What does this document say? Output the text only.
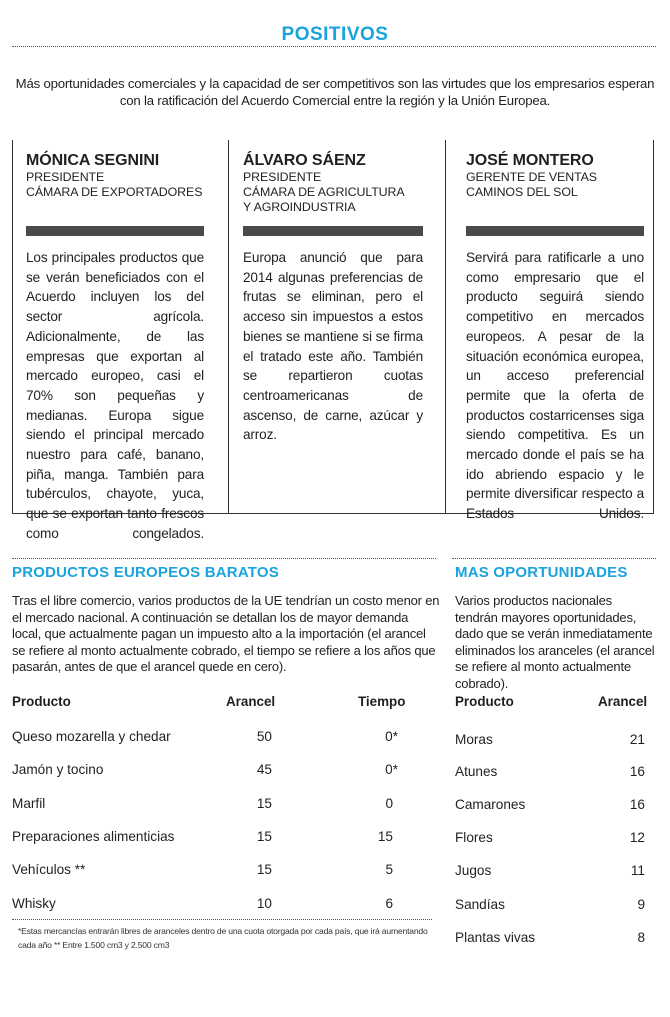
POSITIVOS

Más oportunidades comerciales y la capacidad de ser competitivos son las virtudes que los empresarios esperan con la ratificación del Acuerdo Comercial entre la región y la Unión Europea.

MÓNICA SEGNINI
PRESIDENTE
CÁMARA DE EXPORTADORES

Los principales productos que se verán beneficiados con el Acuerdo incluyen los del sector agrícola. Adicionalmente, de las empresas que exportan al mercado europeo, casi el 70% son pequeñas y medianas. Europa sigue siendo el principal mercado nuestro para café, banano, piña, manga. También para tubérculos, chayote, yuca, que se exportan tanto frescos como congelados.

ÁLVARO SÁENZ
PRESIDENTE
CÁMARA DE AGRICULTURA
Y AGROINDUSTRIA

Europa anunció que para 2014 algunas preferencias de frutas se eliminan, pero el acceso sin impuestos a estos bienes se mantiene si se firma el tratado este año. También se repartieron cuotas centroamericanas de ascenso, de carne, azúcar y arroz.

JOSÉ MONTERO
GERENTE DE VENTAS
CAMINOS DEL SOL

Servirá para ratificarle a uno como empresario que el producto seguirá siendo competitivo en mercados europeos. A pesar de la situación económica europea, un acceso preferencial permite que la oferta de productos costarricenses siga siendo competitiva. Es un mercado donde el país se ha ido abriendo espacio y le permite diversificar respecto a Estados Unidos.

PRODUCTOS EUROPEOS BARATOS

Tras el libre comercio, varios productos de la UE tendrían un costo menor en el mercado nacional. A continuación se detallan los de mayor demanda local, que actualmente pagan un impuesto alto a la importación (el arancel se refiere al monto actualmente cobrado, el tiempo se refiere a los años que pasarán, antes de que el arancel quede en cero).

Producto	Arancel	Tiempo
Queso mozarella y chedar	50	0*
Jamón y tocino	45	0*
Marfil	15	0
Preparaciones alimenticias	15	15
Vehículos **	15	5
Whisky	10	6

*Estas mercancías entrarán libres de aranceles dentro de una cuota otorgada por cada país, que irá aumentando cada año ** Entre 1.500 cm3 y 2.500 cm3

MAS OPORTUNIDADES

Varios productos nacionales tendrán mayores oportunidades, dado que se verán inmediatamente eliminados los aranceles (el arancel se refiere al monto actualmente cobrado).

Producto	Arancel
Moras	21
Atunes	16
Camarones	16
Flores	12
Jugos	11
Sandías	9
Plantas vivas	8
